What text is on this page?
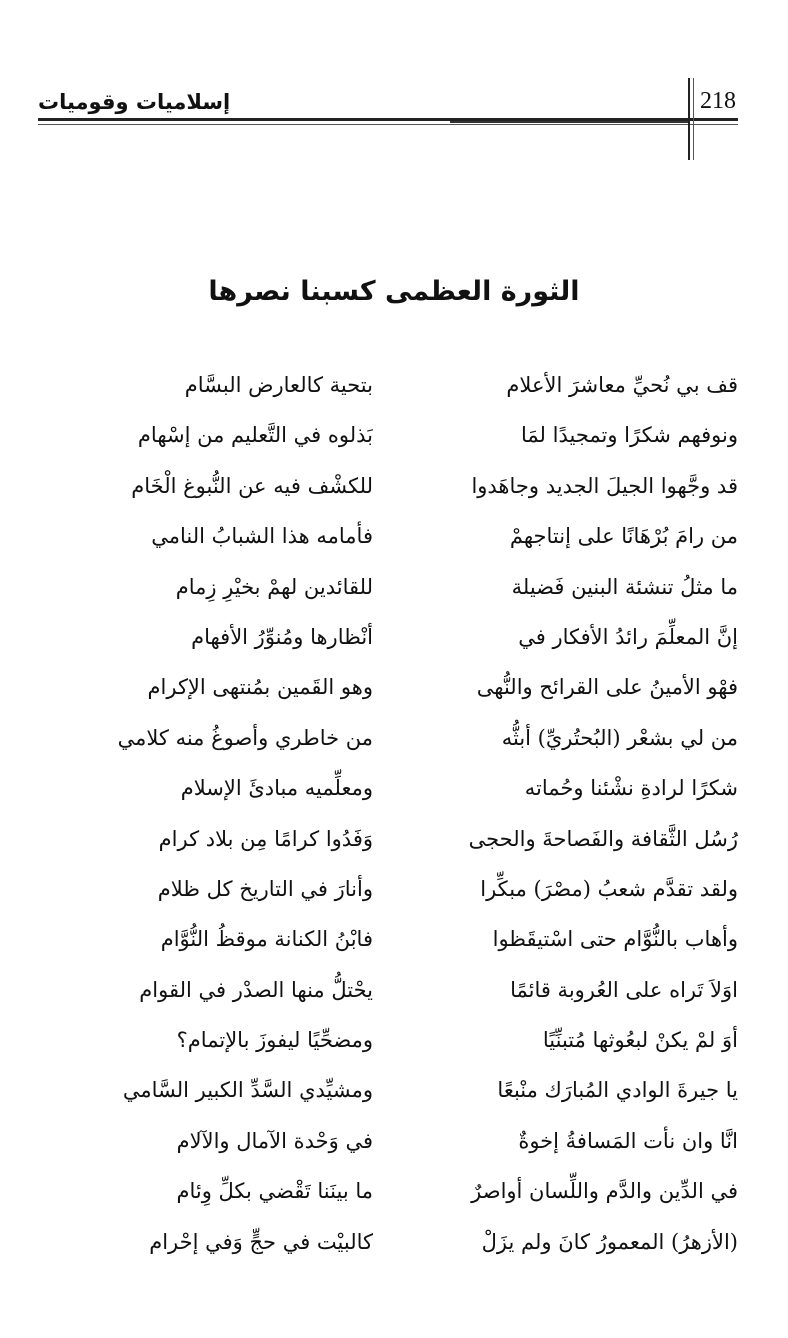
218
إسلاميات وقوميات
الثورة العظمى كسبنا نصرها
قف بي نُحيِّ معاشرَ الأعلام
بتحية كالعارض البسَّام
ونوفهم شكرًا وتمجيدًا لمَا
بَذلوه في التَّعليم من إسْهام
قد وجَّهوا الجيلَ الجديد وجاهَدوا
للكشْف فيه عن النُّبوغ الْخَام
من رامَ بُرْهَانًا على إنتاجهمْ
فأمامه هذا الشبابُ النامي
ما مثلُ تنشئة البنين فَضيلة
للقائدين لهمْ بخيْرِ زِمام
إنَّ المعلِّمَ رائدُ الأفكار في
أنْظارها ومُنوِّرُ الأفهام
فهْو الأمينُ على القرائح والنُّهى
وهو القَمين بمُنتهى الإكرام
من لي بشعْر (البُحتُريِّ) أبثُّه
من خاطري وأصوغُ منه كلامي
شكرًا لرادةِ نشْئنا وحُماته
ومعلِّميه مبادئَ الإسلام
رُسُل الثَّقافة والفَصاحةَ والحجى
وَفَدُوا كرامًا مِن بلاد كرام
ولقد تقدَّم شعبُ (مصْرَ) مبكِّرا
وأنارَ في التاريخ كل ظلام
وأهاب بالنُّوَّام حتى اسْتيقَظوا
فابْنُ الكنانة موقظُ النُّوَّام
اوَلاَ تَراه على العُروبة قائمًا
يحْتلُّ منها الصدْر في القوام
أوَ لمْ يكنْ لبعُوثها مُتبنِّيًا
ومضحِّيًا ليفوزَ بالإتمام؟
يا جيرةَ الوادي المُبارَك منْبعًا
ومشيِّدي السَّدِّ الكبير السَّامي
انَّا وان نأت المَسافةُ إخوةٌ
في وَحْدة الآمال والآلام
في الدِّين والدَّم واللِّسان أواصرٌ
ما بينَنا تَقْضي بكلِّ وِئام
(الأزهرُ) المعمورُ كانَ ولم يزَلْ
كالبيْت في حجٍّ وَفي إحْرام
